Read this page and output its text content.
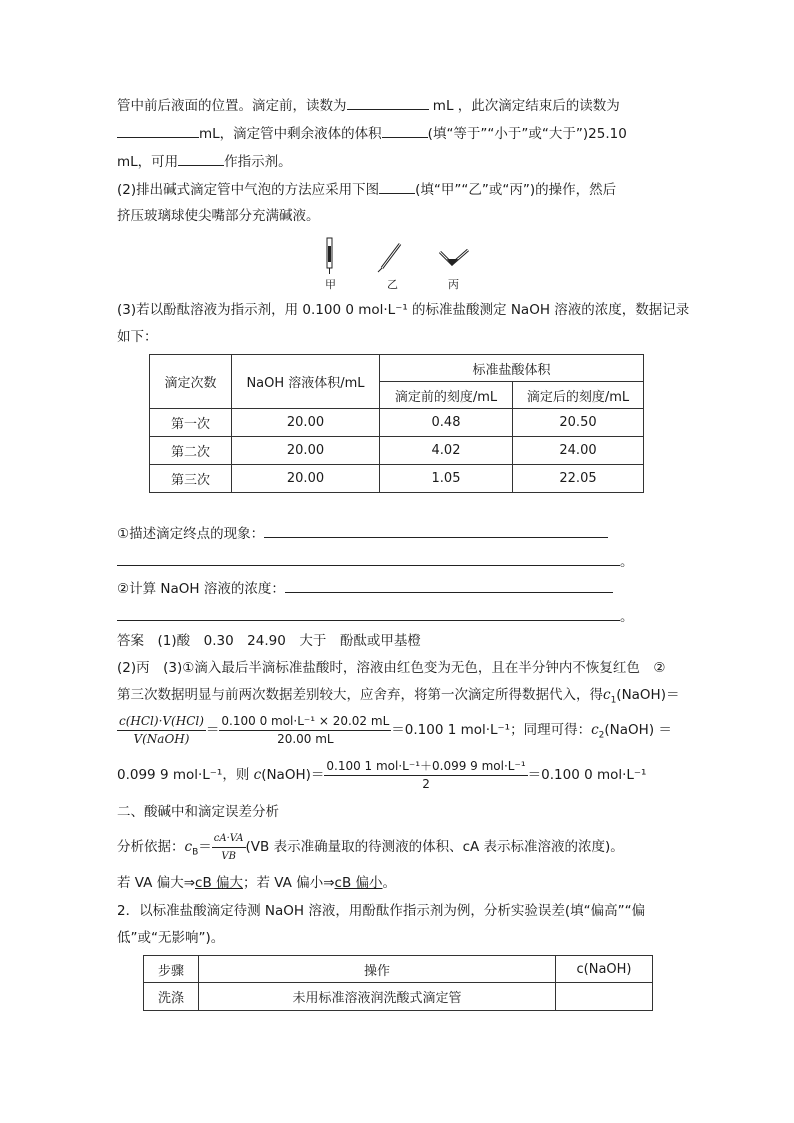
管中前后液面的位置。滴定前，读数为	mL ，此次滴定结束后的读数为
mL，滴定管中剩余液体的体积	(填“等于”“小于”或“大于”)25.10
mL，可用	作指示剂。
(2)排出碱式滴定管中气泡的方法应采用下图	(填“甲”“乙”或“丙”)的操作，然后
挤压玻璃球使尖嘴部分充满碱液。
甲	乙	丙
(3)若以酚酞溶液为指示剂，用 0.100 0 mol·L⁻¹ 的标准盐酸测定 NaOH 溶液的浓度，数据记录
如下：
滴定次数	NaOH 溶液体积/mL	标准盐酸体积	
		滴定前的刻度/mL	滴定后的刻度/mL
第一次	20.00	0.48	20.50
第二次	20.00	4.02	24.00
第三次	20.00	1.05	22.05
①描述滴定终点的现象：
。
②计算 NaOH 溶液的浓度：
。
答案　(1)酸　0.30　24.90　大于　酚酞或甲基橙
(2)丙　(3)①滴入最后半滴标准盐酸时，溶液由红色变为无色，且在半分钟内不恢复红色　②
第三次数据明显与前两次数据差别较大，应舍弃，将第一次滴定所得数据代入，得$c_1(NaOH)=$
$\frac{\text{c(HCl)·V(HCl)}}{\text{V(NaOH)}} = \frac{\text{0.100 0 mol·L⁻¹ × 20.02 mL}}{20.00 mL} =0.100$ 1 mol·L⁻¹；同理可得：$c_2(NaOH)$ ＝
0.099 9 mol·L⁻¹，则 c(NaOH)＝ $\frac{\text{0.100 1 mol·L⁻¹＋0.099 9 mol·L⁻¹}}{2} =0.100$ 0 mol·L⁻¹
二、酸碱中和滴定误差分析
分析依据：$c_B= \frac{cA\cdot VA}{VB} (VB$ 表示准确量取的待测液的体积、cA 表示标准溶液的浓度)。
若 VA 偏大⇒cB 偏大；若 VA 偏小⇒cB 偏小。
2．以标准盐酸滴定待测 NaOH 溶液，用酚酞作指示剂为例，分析实验误差(填“偏高”“偏
低”或“无影响”)。
步骤	操作	c(NaOH)
洗涤	未用标准溶液润洗酸式滴定管	
